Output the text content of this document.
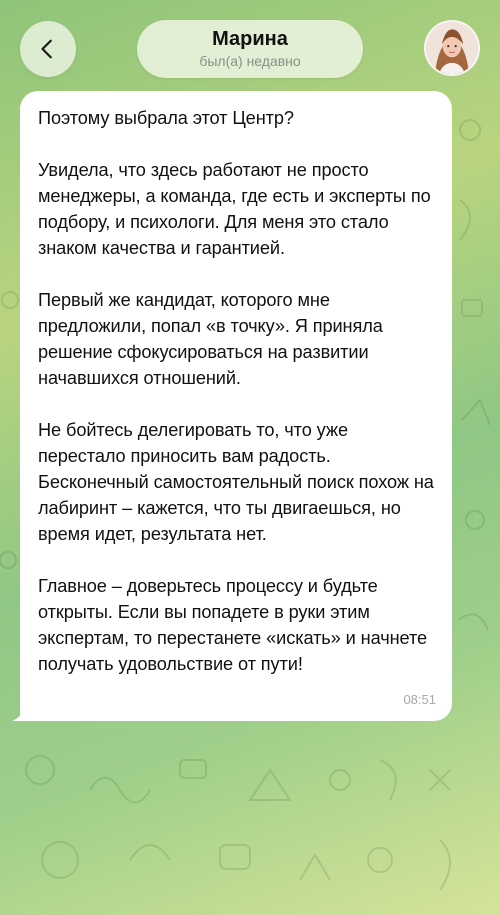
Марина
был(а) недавно
Поэтому выбрала этот Центр?

Увидела, что здесь работают не просто менеджеры, а команда, где есть и эксперты по подбору, и психологи. Для меня это стало знаком качества и гарантией.

Первый же кандидат, которого мне предложили, попал «в точку». Я приняла решение сфокусироваться на развитии начавшихся отношений.

Не бойтесь делегировать то, что уже перестало приносить вам радость. Бесконечный самостоятельный поиск похож на лабиринт – кажется, что ты двигаешься, но время идет, результата нет.

Главное – доверьтесь процессу и будьте открыты. Если вы попадете в руки этим экспертам, то перестанете «искать» и начнете получать удовольствие от пути!
08:51
